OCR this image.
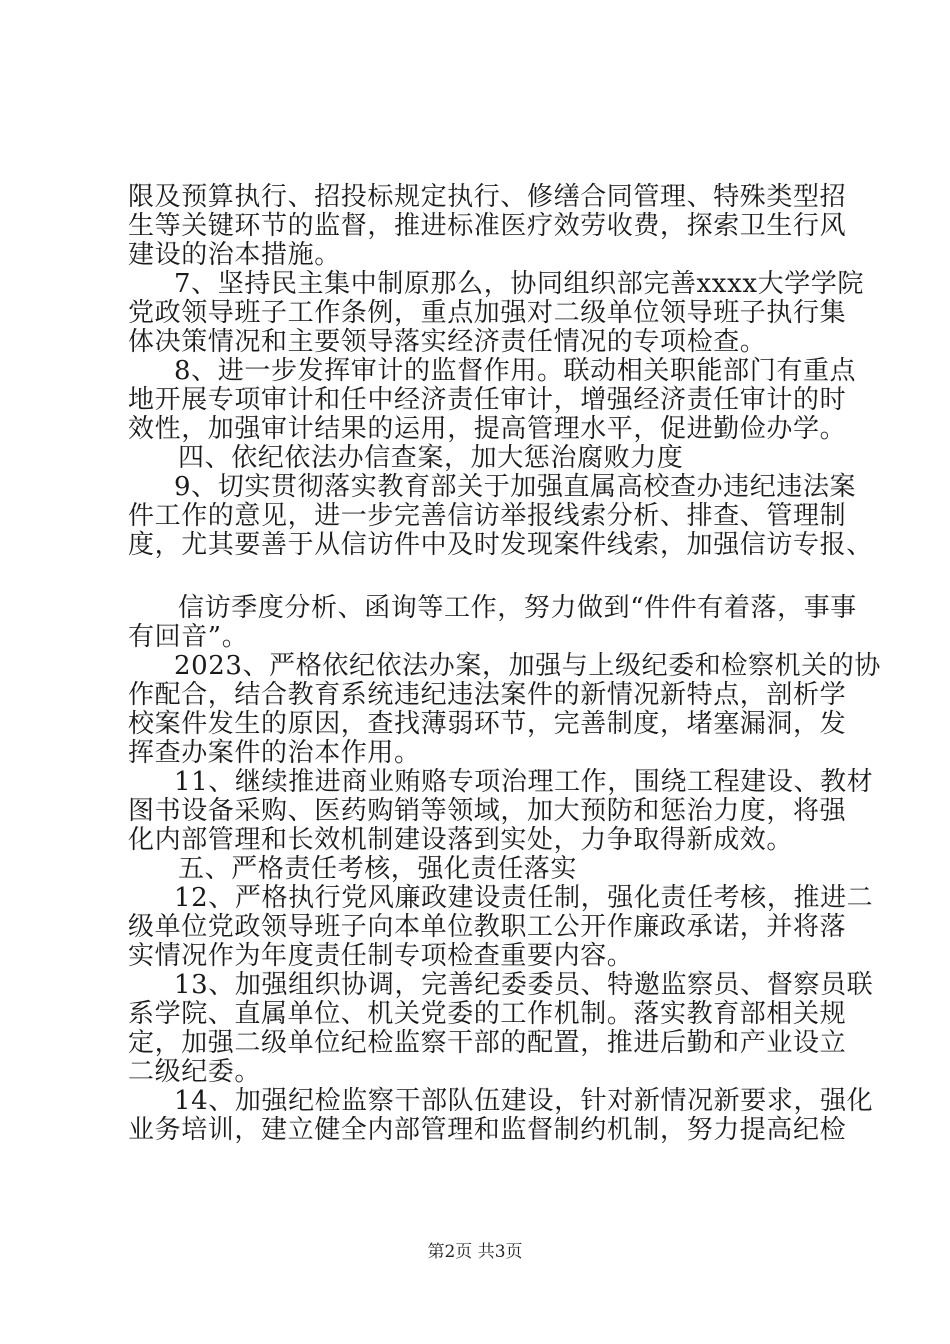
限及预算执行、招投标规定执行、修缮合同管理、特殊类型招
生等关键环节的监督，推进标准医疗效劳收费，探索卫生行风
建设的治本措施。
7、坚持民主集中制原那么，协同组织部完善xxxx大学学院
党政领导班子工作条例，重点加强对二级单位领导班子执行集
体决策情况和主要领导落实经济责任情况的专项检查。
8、进一步发挥审计的监督作用。联动相关职能部门有重点
地开展专项审计和任中经济责任审计，增强经济责任审计的时
效性，加强审计结果的运用，提高管理水平，促进勤俭办学。
四、依纪依法办信查案，加大惩治腐败力度
9、切实贯彻落实教育部关于加强直属高校查办违纪违法案
件工作的意见，进一步完善信访举报线索分析、排查、管理制
度，尤其要善于从信访件中及时发现案件线索，加强信访专报、
信访季度分析、函询等工作，努力做到“件件有着落，事事
有回音”。
2023、严格依纪依法办案，加强与上级纪委和检察机关的协
作配合，结合教育系统违纪违法案件的新情况新特点，剖析学
校案件发生的原因，查找薄弱环节，完善制度，堵塞漏洞，发
挥查办案件的治本作用。
11、继续推进商业贿赂专项治理工作，围绕工程建设、教材
图书设备采购、医药购销等领域，加大预防和惩治力度，将强
化内部管理和长效机制建设落到实处，力争取得新成效。
五、严格责任考核，强化责任落实
12、严格执行党风廉政建设责任制，强化责任考核，推进二
级单位党政领导班子向本单位教职工公开作廉政承诺，并将落
实情况作为年度责任制专项检查重要内容。
13、加强组织协调，完善纪委委员、特邀监察员、督察员联
系学院、直属单位、机关党委的工作机制。落实教育部相关规
定，加强二级单位纪检监察干部的配置，推进后勤和产业设立
二级纪委。
14、加强纪检监察干部队伍建设，针对新情况新要求，强化
业务培训，建立健全内部管理和监督制约机制，努力提高纪检
第2页 共3页
